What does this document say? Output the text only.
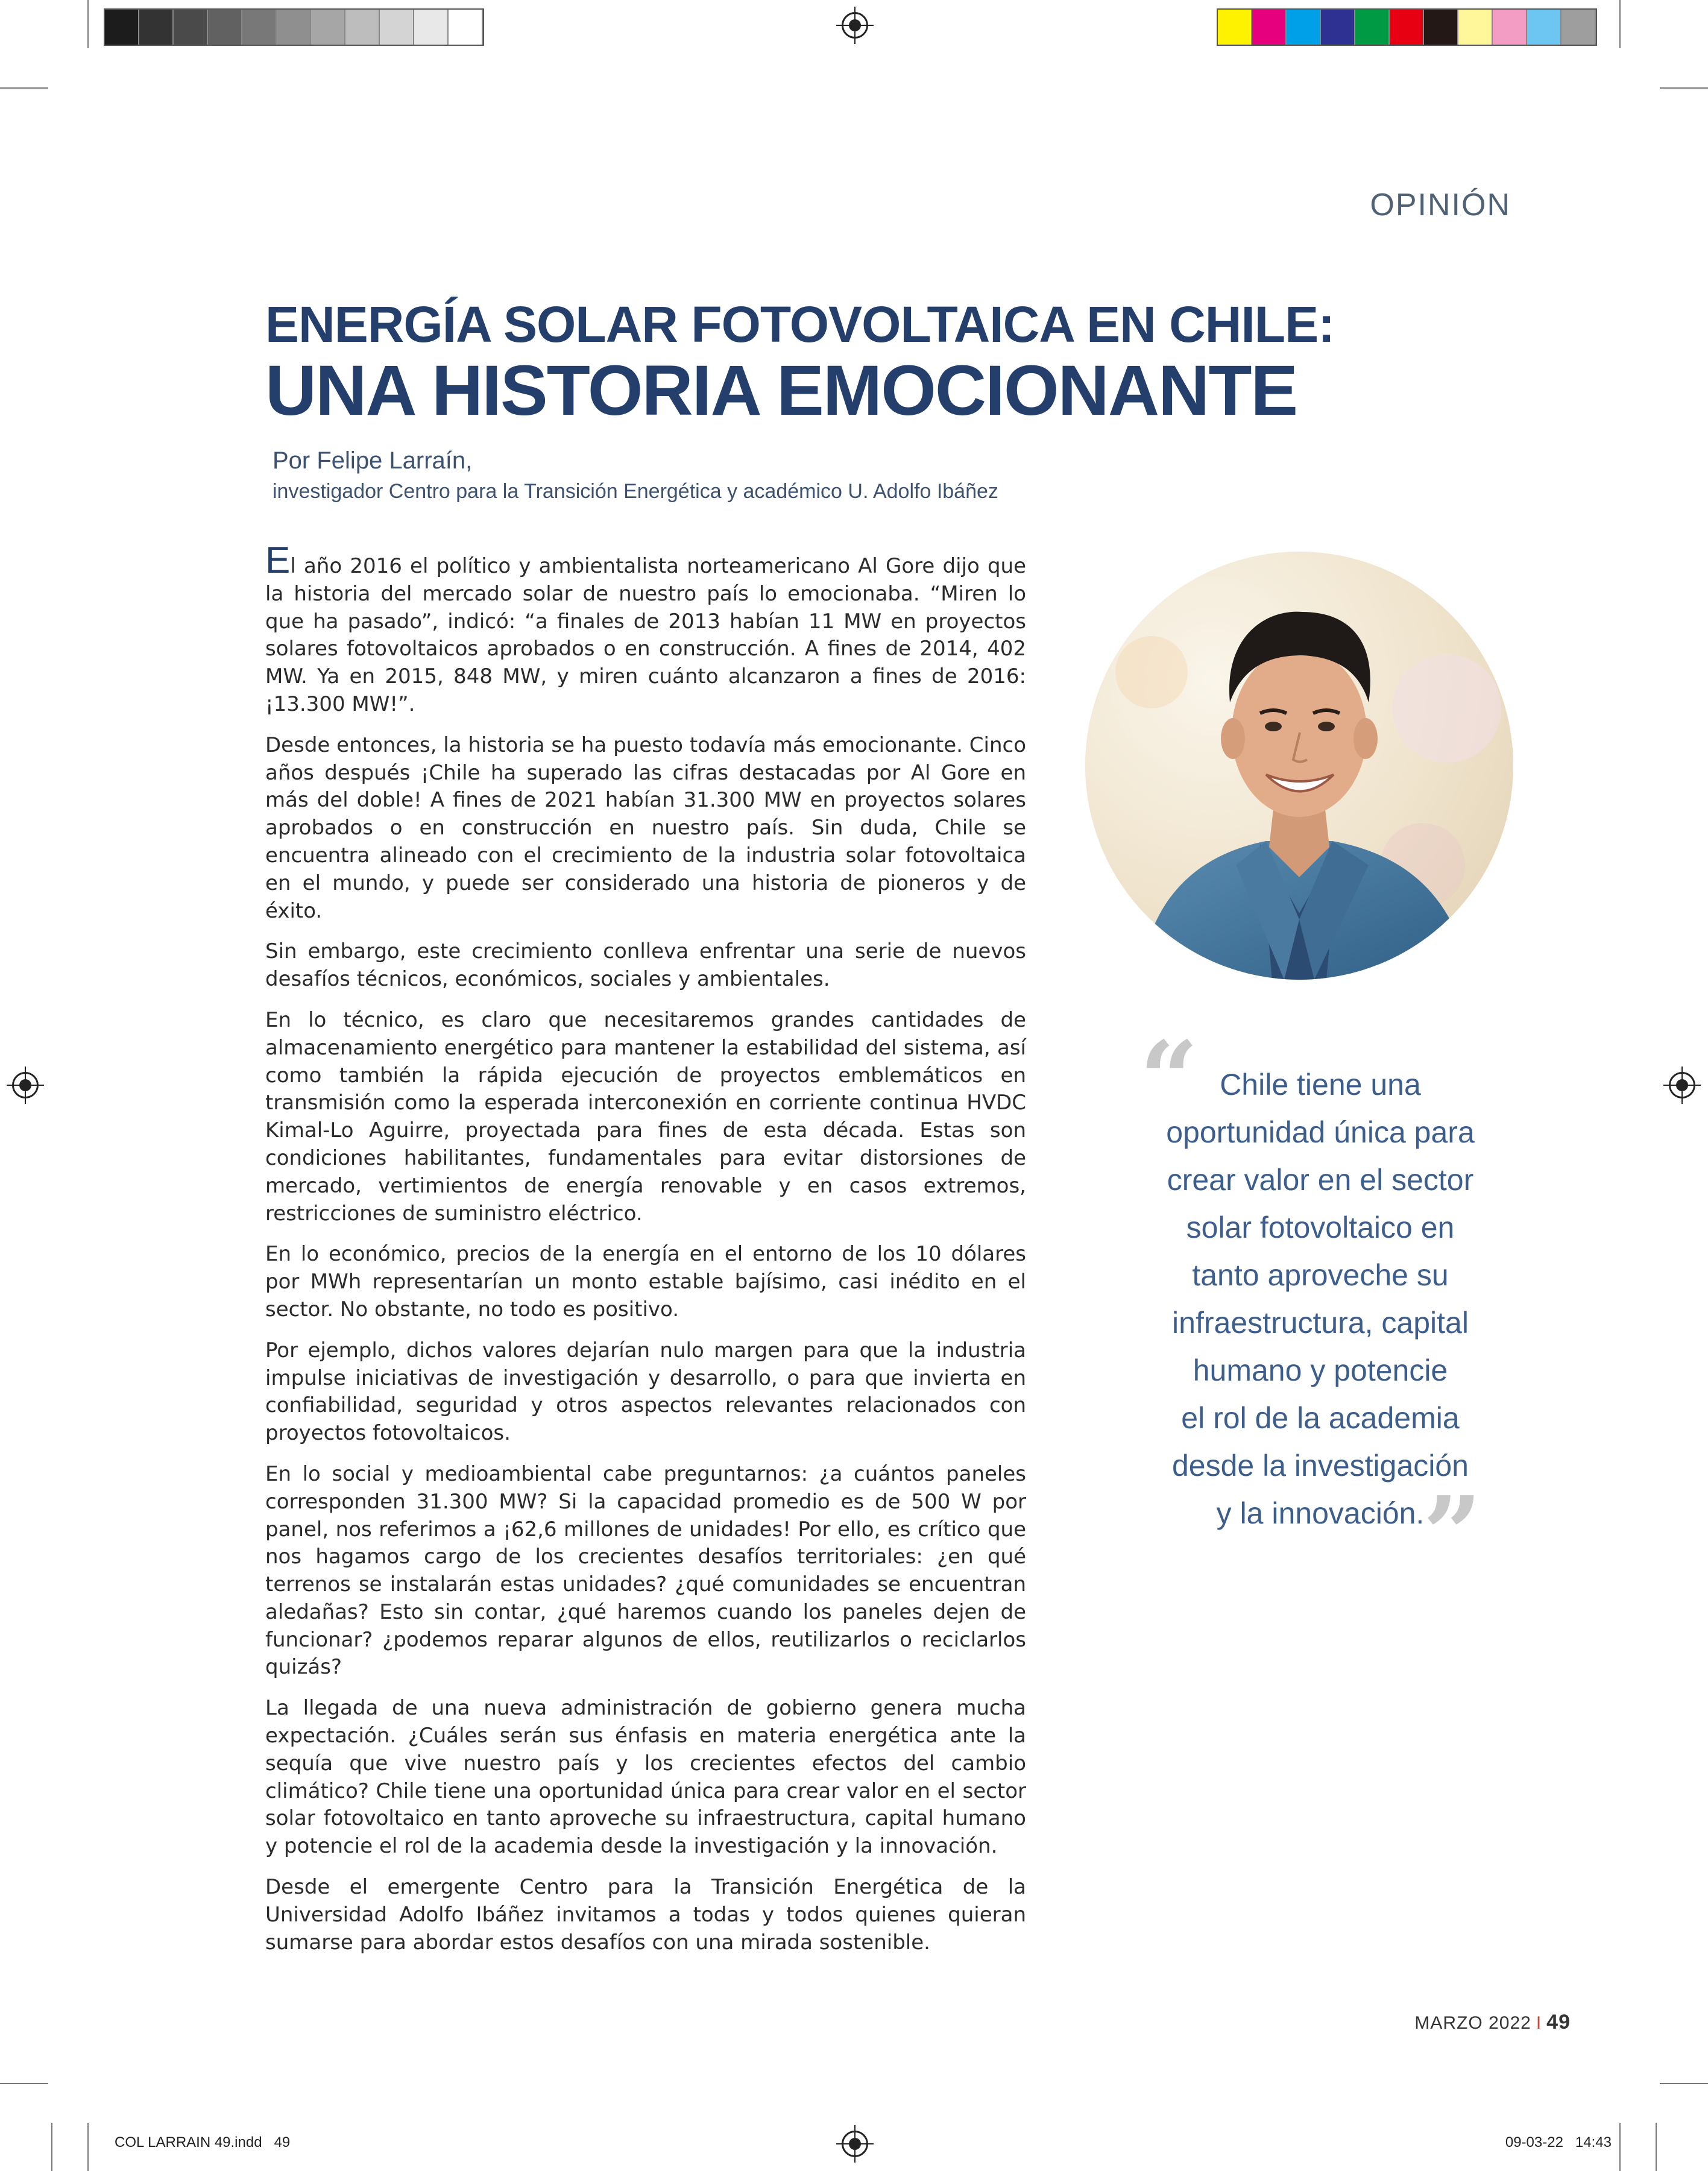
OPINIÓN
ENERGÍA SOLAR FOTOVOLTAICA EN CHILE:
UNA HISTORIA EMOCIONANTE
Por Felipe Larraín,
investigador Centro para la Transición Energética y académico U. Adolfo Ibáñez

El año 2016 el político y ambientalista norteamericano Al Gore dijo que la historia del mercado solar de nuestro país lo emocionaba. “Miren lo que ha pasado”, indicó: “a finales de 2013 habían 11 MW en proyectos solares fotovoltaicos aprobados o en construcción. A fines de 2014, 402 MW. Ya en 2015, 848 MW, y miren cuánto alcanzaron a fines de 2016: ¡13.300 MW!”.

Desde entonces, la historia se ha puesto todavía más emocionante. Cinco años después ¡Chile ha superado las cifras destacadas por Al Gore en más del doble! A fines de 2021 habían 31.300 MW en proyectos solares aprobados o en construcción en nuestro país. Sin duda, Chile se encuentra alineado con el crecimiento de la industria solar fotovoltaica en el mundo, y puede ser considerado una historia de pioneros y de éxito.

Sin embargo, este crecimiento conlleva enfrentar una serie de nuevos desafíos técnicos, económicos, sociales y ambientales.

En lo técnico, es claro que necesitaremos grandes cantidades de almacenamiento energético para mantener la estabilidad del sistema, así como también la rápida ejecución de proyectos emblemáticos en transmisión como la esperada interconexión en corriente continua HVDC Kimal-Lo Aguirre, proyectada para fines de esta década. Estas son condiciones habilitantes, fundamentales para evitar distorsiones de mercado, vertimientos de energía renovable y en casos extremos, restricciones de suministro eléctrico.

En lo económico, precios de la energía en el entorno de los 10 dólares por MWh representarían un monto estable bajísimo, casi inédito en el sector. No obstante, no todo es positivo.

Por ejemplo, dichos valores dejarían nulo margen para que la industria impulse iniciativas de investigación y desarrollo, o para que invierta en confiabilidad, seguridad y otros aspectos relevantes relacionados con proyectos fotovoltaicos.

En lo social y medioambiental cabe preguntarnos: ¿a cuántos paneles corresponden 31.300 MW? Si la capacidad promedio es de 500 W por panel, nos referimos a ¡62,6 millones de unidades! Por ello, es crítico que nos hagamos cargo de los crecientes desafíos territoriales: ¿en qué terrenos se instalarán estas unidades? ¿qué comunidades se encuentran aledañas? Esto sin contar, ¿qué haremos cuando los paneles dejen de funcionar? ¿podemos reparar algunos de ellos, reutilizarlos o reciclarlos quizás?

La llegada de una nueva administración de gobierno genera mucha expectación. ¿Cuáles serán sus énfasis en materia energética ante la sequía que vive nuestro país y los crecientes efectos del cambio climático? Chile tiene una oportunidad única para crear valor en el sector solar fotovoltaico en tanto aproveche su infraestructura, capital humano y potencie el rol de la academia desde la investigación y la innovación.

Desde el emergente Centro para la Transición Energética de la Universidad Adolfo Ibáñez invitamos a todas y todos quienes quieran sumarse para abordar estos desafíos con una mirada sostenible.

“ Chile tiene una
oportunidad única para
crear valor en el sector
solar fotovoltaico en
tanto aproveche su
infraestructura, capital
humano y potencie
el rol de la academia
desde la investigación
y la innovación.
”
MARZO 2022 I 49
COL LARRAIN 49.indd   49	09-03-22   14:43
